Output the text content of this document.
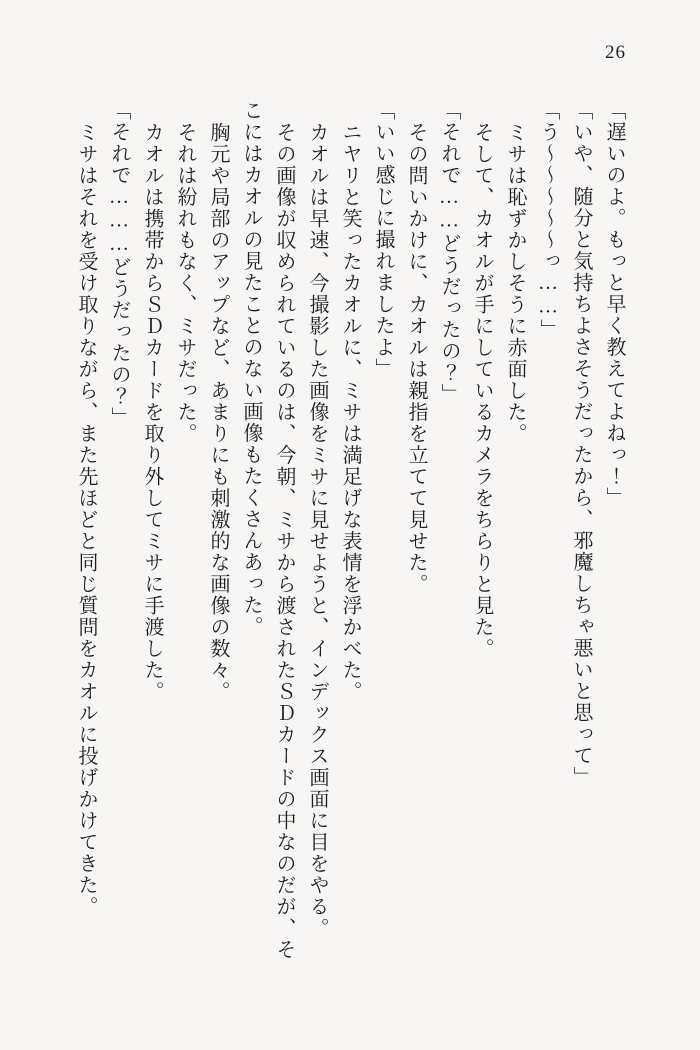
26
「遅いのよ。もっと早く教えてよねっ！」
「いや、随分と気持ちよさそうだったから、邪魔しちゃ悪いと思って」
「う～～～～～っ……」
ミサは恥ずかしそうに赤面した。
そして、カオルが手にしているカメラをちらりと見た。
「それで……どうだったの？」
その問いかけに、カオルは親指を立てて見せた。
「いい感じに撮れましたよ」
ニヤリと笑ったカオルに、ミサは満足げな表情を浮かべた。
カオルは早速、今撮影した画像をミサに見せようと、インデックス画面に目をやる。
その画像が収められているのは、今朝、ミサから渡されたＳＤカードの中なのだが、そ
こにはカオルの見たことのない画像もたくさんあった。
胸元や局部のアップなど、あまりにも刺激的な画像の数々。
それは紛れもなく、ミサだった。
カオルは携帯からＳＤカードを取り外してミサに手渡した。
「それで………どうだったの？」
ミサはそれを受け取りながら、また先ほどと同じ質問をカオルに投げかけてきた。
